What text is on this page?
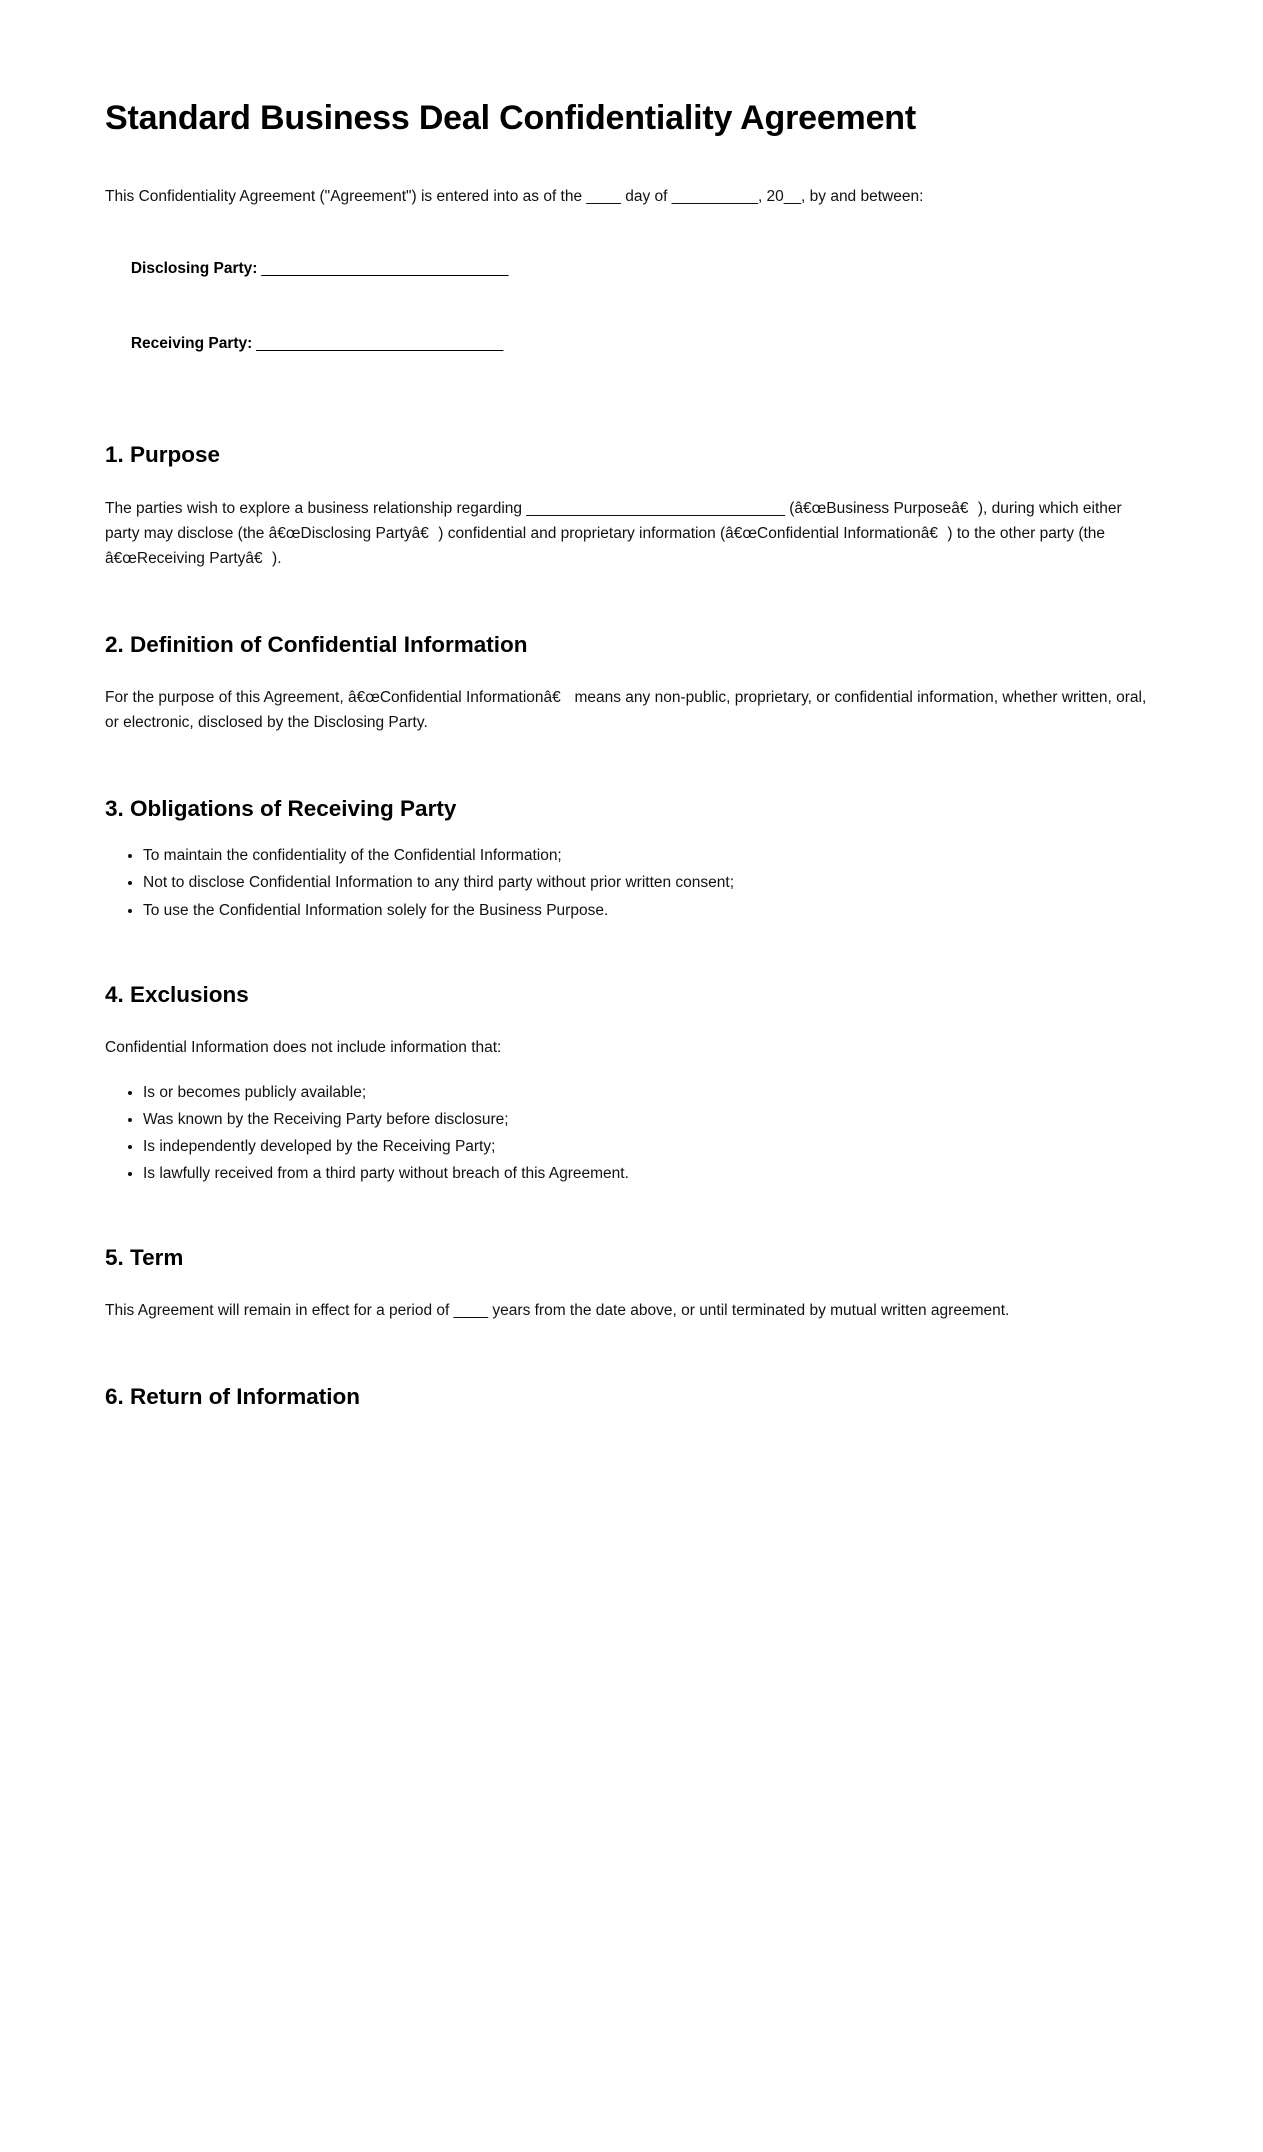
Standard Business Deal Confidentiality Agreement

This Confidentiality Agreement ("Agreement") is entered into as of the ____ day of __________, 20__, by and between:

Disclosing Party: ______________________________

Receiving Party: ______________________________

1. Purpose

The parties wish to explore a business relationship regarding ______________________________ (â€œBusiness Purposeâ€), during which either party may disclose (the â€œDisclosing Partyâ€) confidential and proprietary information (â€œConfidential Informationâ€) to the other party (the â€œReceiving Partyâ€).

2. Definition of Confidential Information

For the purpose of this Agreement, â€œConfidential Informationâ€ means any non-public, proprietary, or confidential information, whether written, oral, or electronic, disclosed by the Disclosing Party.

3. Obligations of Receiving Party
• To maintain the confidentiality of the Confidential Information;
• Not to disclose Confidential Information to any third party without prior written consent;
• To use the Confidential Information solely for the Business Purpose.
4. Exclusions

Confidential Information does not include information that:

• Is or becomes publicly available;
• Was known by the Receiving Party before disclosure;
• Is independently developed by the Receiving Party;
• Is lawfully received from a third party without breach of this Agreement.
5. Term

This Agreement will remain in effect for a period of ____ years from the date above, or until terminated by mutual written agreement.

6. Return of Information
